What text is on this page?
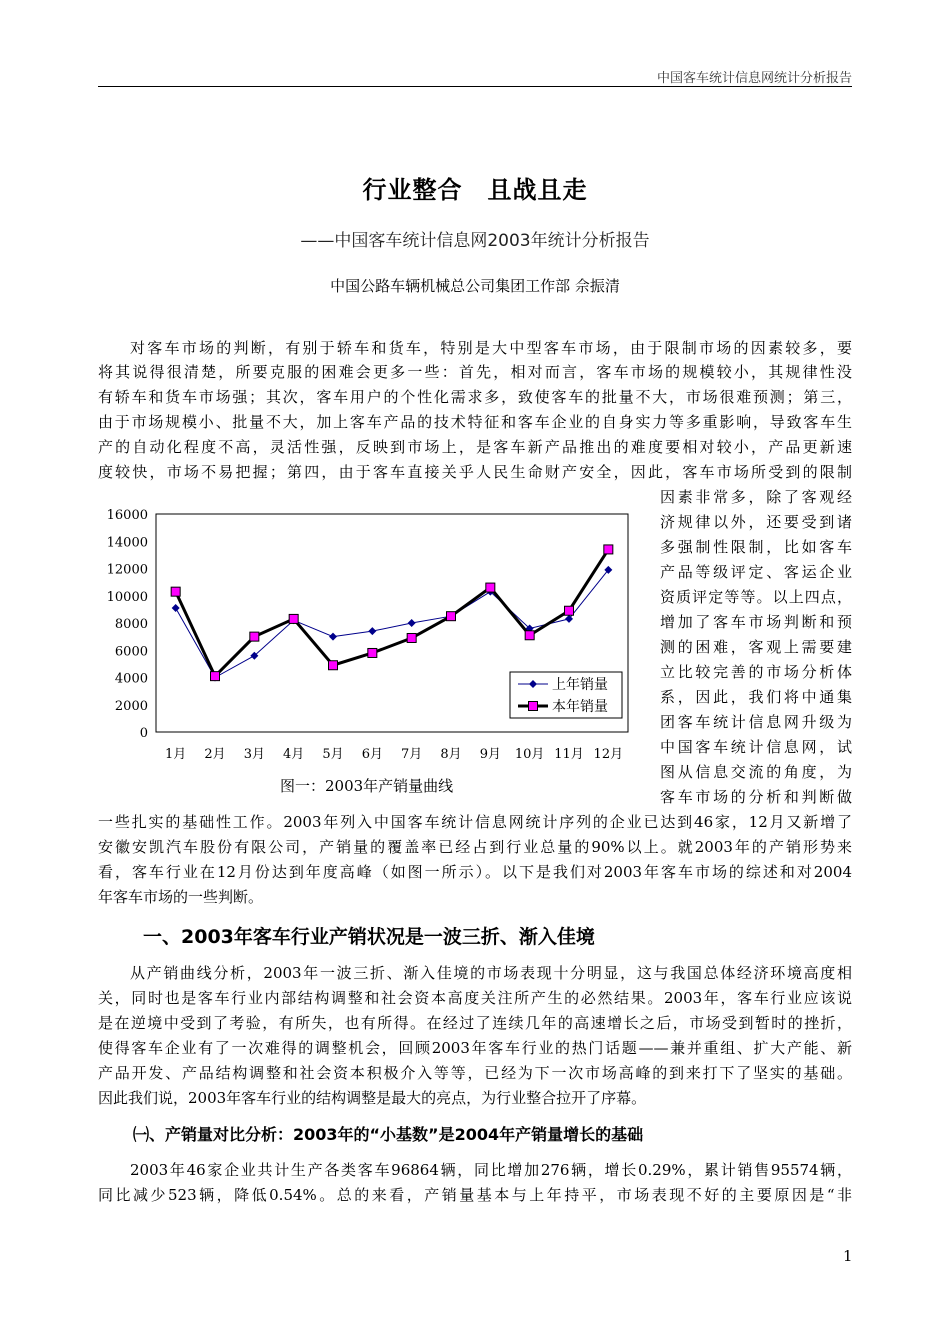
中国客车统计信息网统计分析报告
行业整合　且战且走
——中国客车统计信息网2003年统计分析报告
中国公路车辆机械总公司集团工作部 佘振清
对客车市场的判断，有别于轿车和货车，特别是大中型客车市场，由于限制市场的因素较多，要
将其说得很清楚，所要克服的困难会更多一些：首先，相对而言，客车市场的规模较小，其规律性没
有轿车和货车市场强；其次，客车用户的个性化需求多，致使客车的批量不大，市场很难预测；第三，
由于市场规模小、批量不大，加上客车产品的技术特征和客车企业的自身实力等多重影响，导致客车生
产的自动化程度不高，灵活性强，反映到市场上，是客车新产品推出的难度要相对较小，产品更新速
度较快，市场不易把握；第四，由于客车直接关乎人民生命财产安全，因此，客车市场所受到的限制
因素非常多，除了客观经
济规律以外，还要受到诸
多强制性限制，比如客车
产品等级评定、客运企业
资质评定等等。以上四点，
增加了客车市场判断和预
测的困难，客观上需要建
立比较完善的市场分析体
系，因此，我们将中通集
团客车统计信息网升级为
中国客车统计信息网，试
图从信息交流的角度，为
客车市场的分析和判断做
0
2000
4000
6000
8000
10000
12000
14000
16000
1月 2月 3月 4月 5月 6月 7月 8月 9月 10月 11月 12月
上年销量
本年销量
图一：2003年产销量曲线
一些扎实的基础性工作。2003年列入中国客车统计信息网统计序列的企业已达到46家，12月又新增了
安徽安凯汽车股份有限公司，产销量的覆盖率已经占到行业总量的90%以上。就2003年的产销形势来
看，客车行业在12月份达到年度高峰（如图一所示）。以下是我们对2003年客车市场的综述和对2004
年客车市场的一些判断。
一、2003年客车行业产销状况是一波三折、渐入佳境
从产销曲线分析，2003年一波三折、渐入佳境的市场表现十分明显，这与我国总体经济环境高度相
关，同时也是客车行业内部结构调整和社会资本高度关注所产生的必然结果。2003年，客车行业应该说
是在逆境中受到了考验，有所失，也有所得。在经过了连续几年的高速增长之后，市场受到暂时的挫折，
使得客车企业有了一次难得的调整机会，回顾2003年客车行业的热门话题——兼并重组、扩大产能、新
产品开发、产品结构调整和社会资本积极介入等等，已经为下一次市场高峰的到来打下了坚实的基础。
因此我们说，2003年客车行业的结构调整是最大的亮点，为行业整合拉开了序幕。
㈠、产销量对比分析：2003年的“小基数”是2004年产销量增长的基础
2003年46家企业共计生产各类客车96864辆，同比增加276辆，增长0.29%，累计销售95574辆，
同比减少523辆，降低0.54%。总的来看，产销量基本与上年持平，市场表现不好的主要原因是“非
1
